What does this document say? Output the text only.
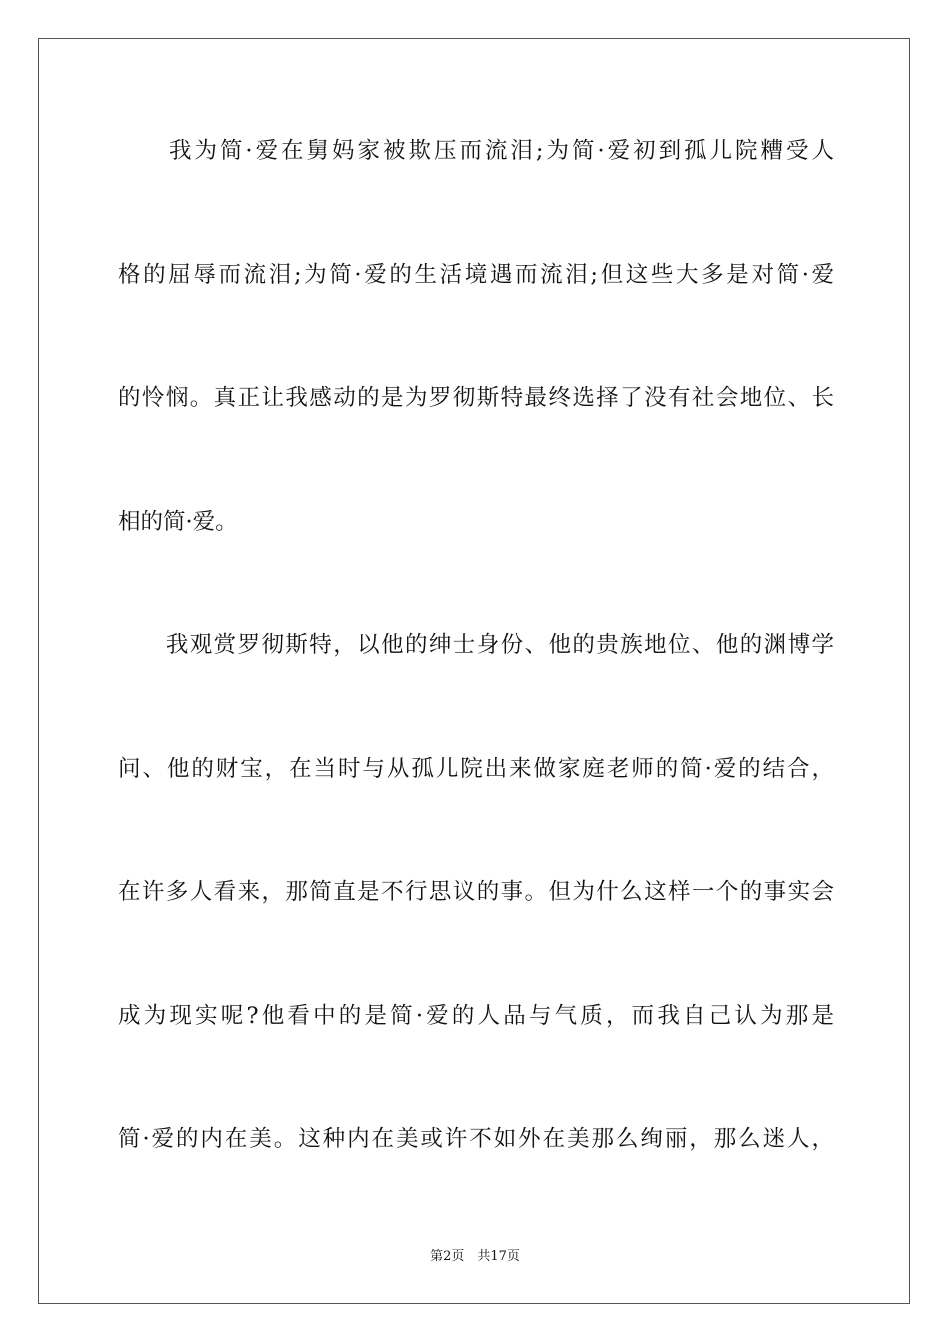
　　我为简·爱在舅妈家被欺压而流泪;为简·爱初到孤儿院糟受人
格的屈辱而流泪;为简·爱的生活境遇而流泪;但这些大多是对简·爱
的怜悯。真正让我感动的是为罗彻斯特最终选择了没有社会地位、长
相的简·爱。
　　我观赏罗彻斯特，以他的绅士身份、他的贵族地位、他的渊博学
问、他的财宝，在当时与从孤儿院出来做家庭老师的简·爱的结合，
在许多人看来，那简直是不行思议的事。但为什么这样一个的事实会
成为现实呢?他看中的是简·爱的人品与气质，而我自己认为那是
简·爱的内在美。这种内在美或许不如外在美那么绚丽，那么迷人，
第2页　共17页
